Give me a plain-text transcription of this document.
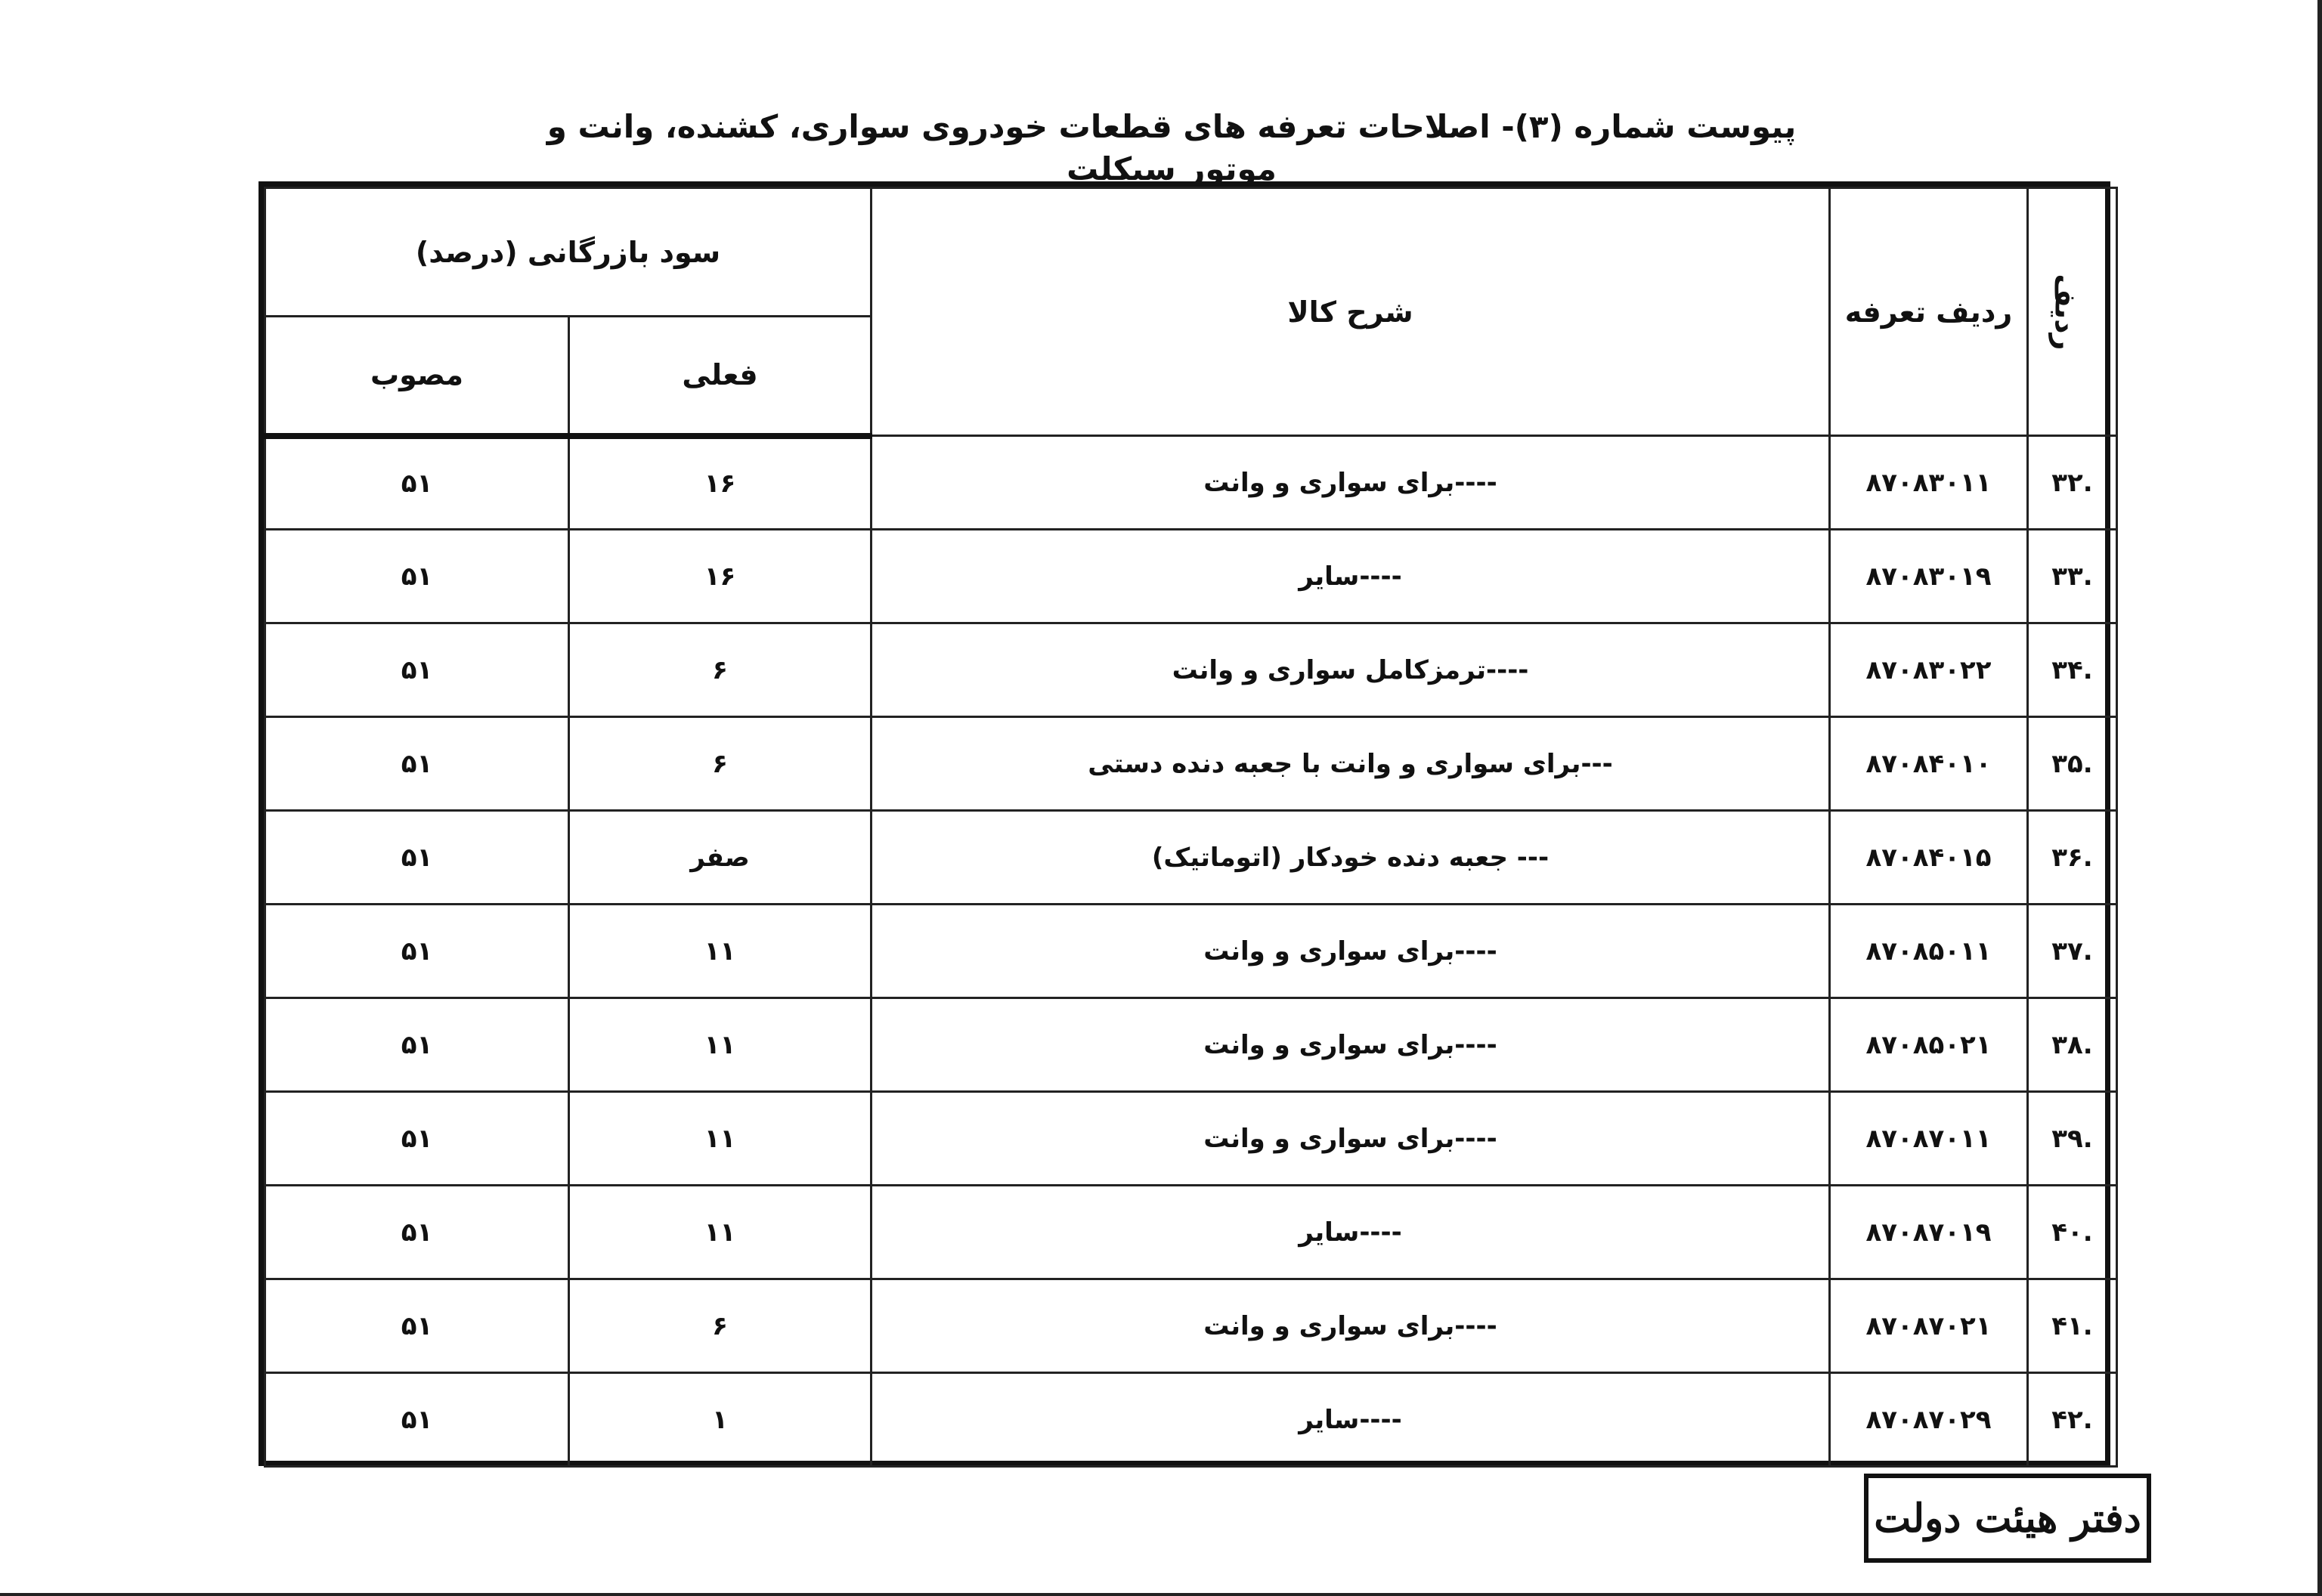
پیوست شماره (۳)- اصلاحات تعرفه های قطعات خودروی سواری، کشنده، وانت و موتور سیکلت
ردیف	ردیف تعرفه	شرح کالا	سود بازرگانی (درصد)	
			فعلی	مصوب
.۳۲	۸۷۰۸۳۰۱۱	----برای سواری و وانت	۱۶	۵۱
.۳۳	۸۷۰۸۳۰۱۹	----سایر	۱۶	۵۱
.۳۴	۸۷۰۸۳۰۲۲	----ترمزکامل سواری و وانت	۶	۵۱
.۳۵	۸۷۰۸۴۰۱۰	---برای سواری و وانت با جعبه دنده دستی	۶	۵۱
.۳۶	۸۷۰۸۴۰۱۵	--- جعبه دنده خودکار (اتوماتیک)	صفر	۵۱
.۳۷	۸۷۰۸۵۰۱۱	----برای سواری و وانت	۱۱	۵۱
.۳۸	۸۷۰۸۵۰۲۱	----برای سواری و وانت	۱۱	۵۱
.۳۹	۸۷۰۸۷۰۱۱	----برای سواری و وانت	۱۱	۵۱
.۴۰	۸۷۰۸۷۰۱۹	----سایر	۱۱	۵۱
.۴۱	۸۷۰۸۷۰۲۱	----برای سواری و وانت	۶	۵۱
.۴۲	۸۷۰۸۷۰۲۹	----سایر	۱	۵۱
دفتر هیئت دولت
